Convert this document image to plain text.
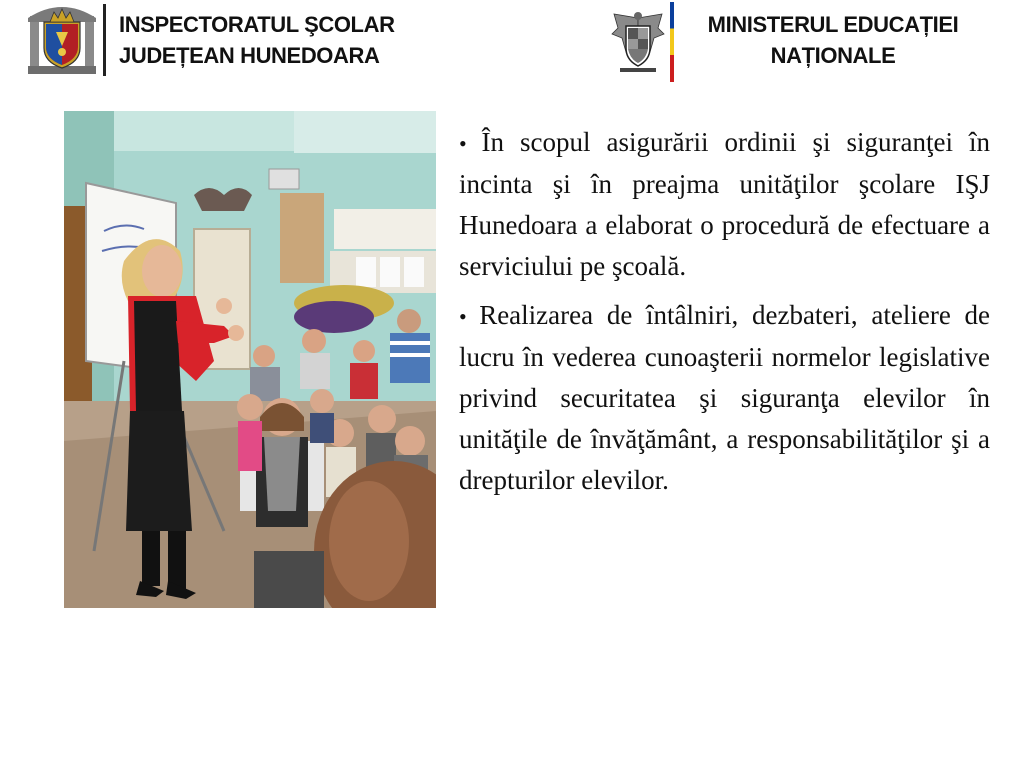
INSPECTORATUL ŞCOLAR
JUDEȚEAN HUNEDOARA
MINISTERUL EDUCAȚIEI
NAȚIONALE

• În scopul asigurării ordinii şi siguranţei în incinta şi în preajma unităţilor şcolare IŞJ Hunedoara a elaborat o procedură de efectuare a serviciului pe şcoală.

• Realizarea de întâlniri, dezbateri, ateliere de lucru în vederea cunoaşterii normelor legislative privind securitatea şi siguranţa elevilor în unităţile de învăţământ, a responsabilităţilor şi a drepturilor elevilor.
